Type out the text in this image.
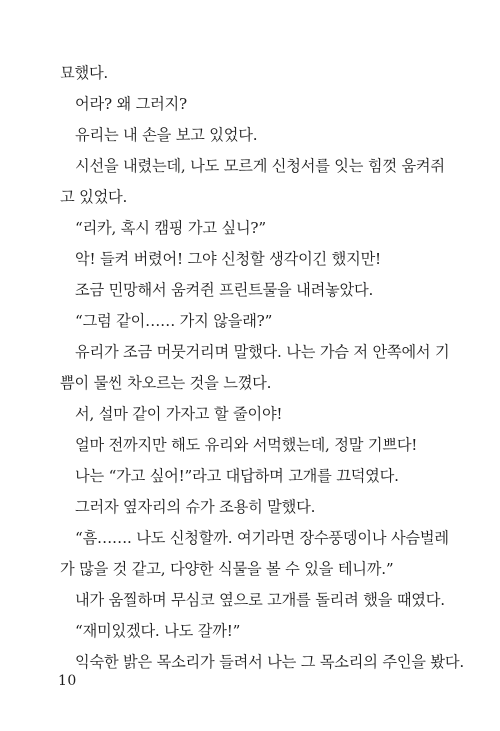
묘했다.
어라? 왜 그러지?
유리는 내 손을 보고 있었다.
시선을 내렸는데, 나도 모르게 신청서를 잇는 힘껏 움켜쥐
고 있었다.
“리카, 혹시 캠핑 가고 싶니?”
악! 들켜 버렸어! 그야 신청할 생각이긴 했지만!
조금 민망해서 움켜쥔 프린트물을 내려놓았다.
“그럼 같이…… 가지 않을래?”
유리가 조금 머뭇거리며 말했다. 나는 가슴 저 안쪽에서 기
쁨이 물씬 차오르는 것을 느꼈다.
서, 설마 같이 가자고 할 줄이야!
얼마 전까지만 해도 유리와 서먹했는데, 정말 기쁘다!
나는 “가고 싶어!”라고 대답하며 고개를 끄덕였다.
그러자 옆자리의 슈가 조용히 말했다.
“흠……. 나도 신청할까. 여기라면 장수풍뎅이나 사슴벌레
가 많을 것 같고, 다양한 식물을 볼 수 있을 테니까.”
내가 움찔하며 무심코 옆으로 고개를 돌리려 했을 때였다.
“재미있겠다. 나도 갈까!”
익숙한 밝은 목소리가 들려서 나는 그 목소리의 주인을 봤다.
10
